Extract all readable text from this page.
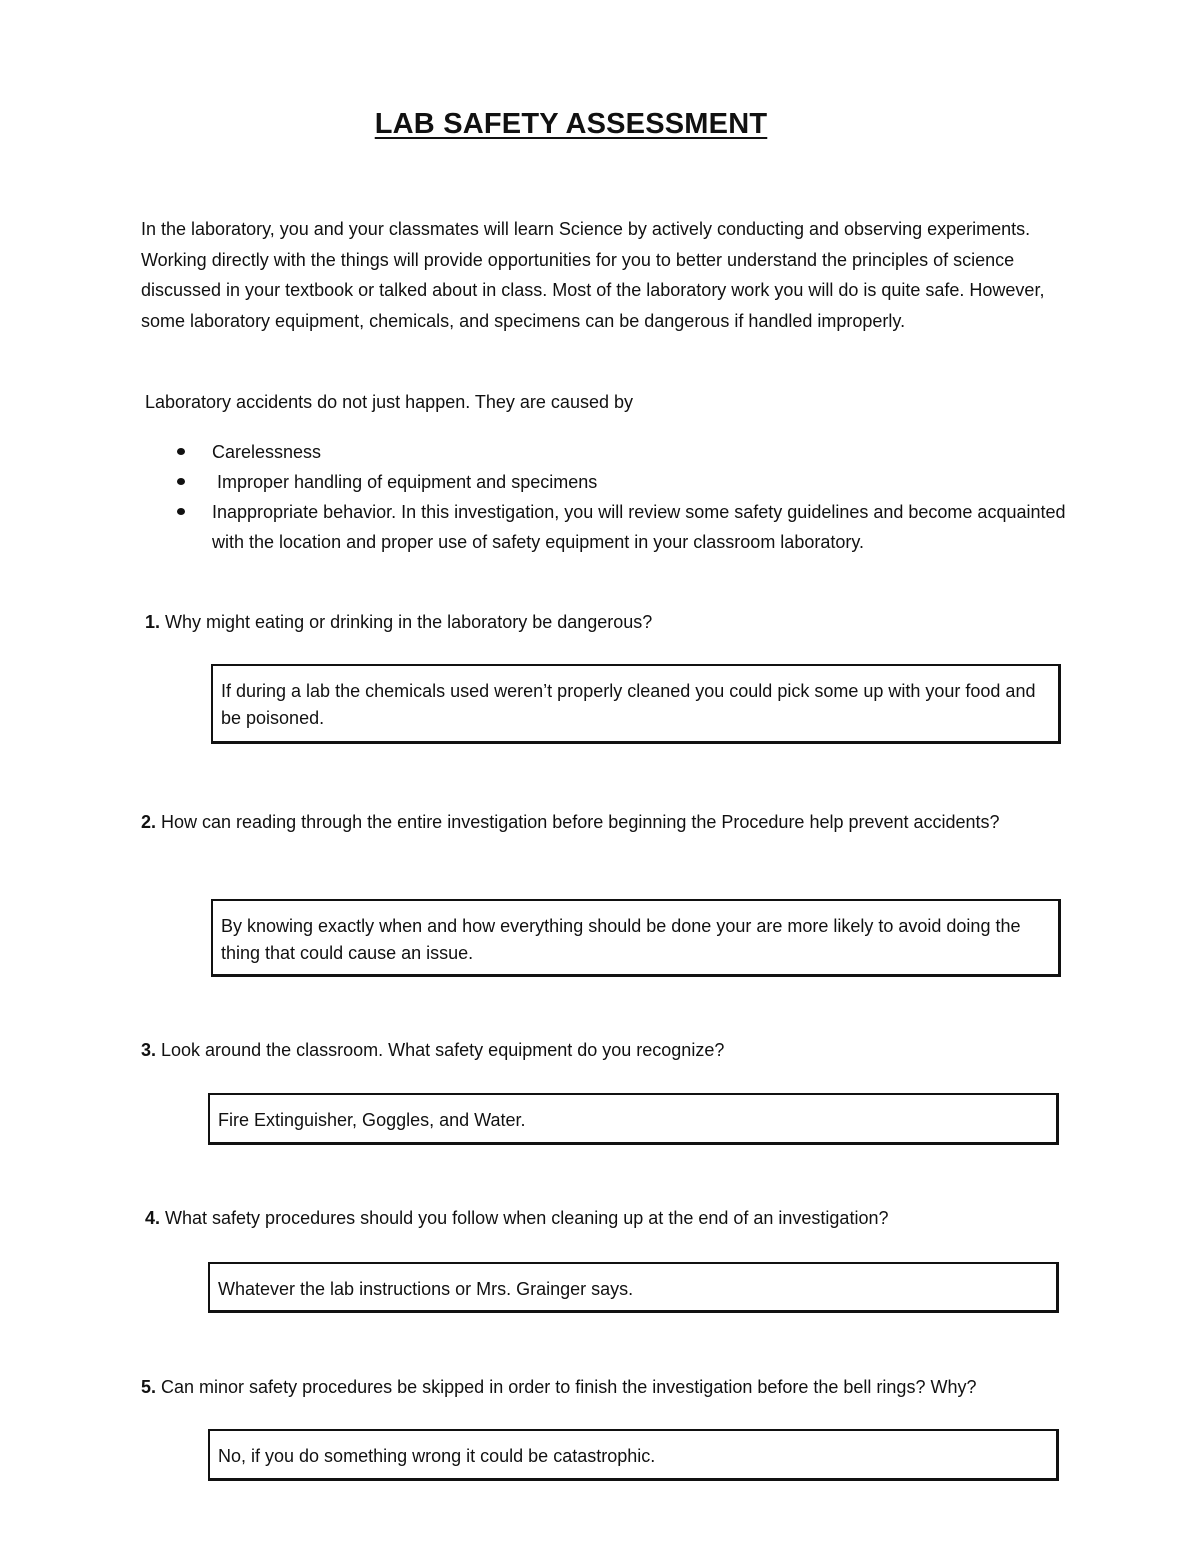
LAB SAFETY ASSESSMENT

In the laboratory, you and your classmates will learn Science by actively conducting and observing experiments. Working directly with the things will provide opportunities for you to better understand the principles of science discussed in your textbook or talked about in class. Most of the laboratory work you will do is quite safe. However, some laboratory equipment, chemicals, and specimens can be dangerous if handled improperly.

Laboratory accidents do not just happen. They are caused by

Carelessness
Improper handling of equipment and specimens
Inappropriate behavior. In this investigation, you will review some safety guidelines and become acquainted with the location and proper use of safety equipment in your classroom laboratory.

1. Why might eating or drinking in the laboratory be dangerous?

If during a lab the chemicals used weren’t properly cleaned you could pick some up with your food and be poisoned.

2. How can reading through the entire investigation before beginning the Procedure help prevent accidents?

By knowing exactly when and how everything should be done your are more likely to avoid doing the thing that could cause an issue.

3. Look around the classroom. What safety equipment do you recognize?

Fire Extinguisher, Goggles, and Water.

4. What safety procedures should you follow when cleaning up at the end of an investigation?

Whatever the lab instructions or Mrs. Grainger says.

5. Can minor safety procedures be skipped in order to finish the investigation before the bell rings? Why?

No, if you do something wrong it could be catastrophic.
